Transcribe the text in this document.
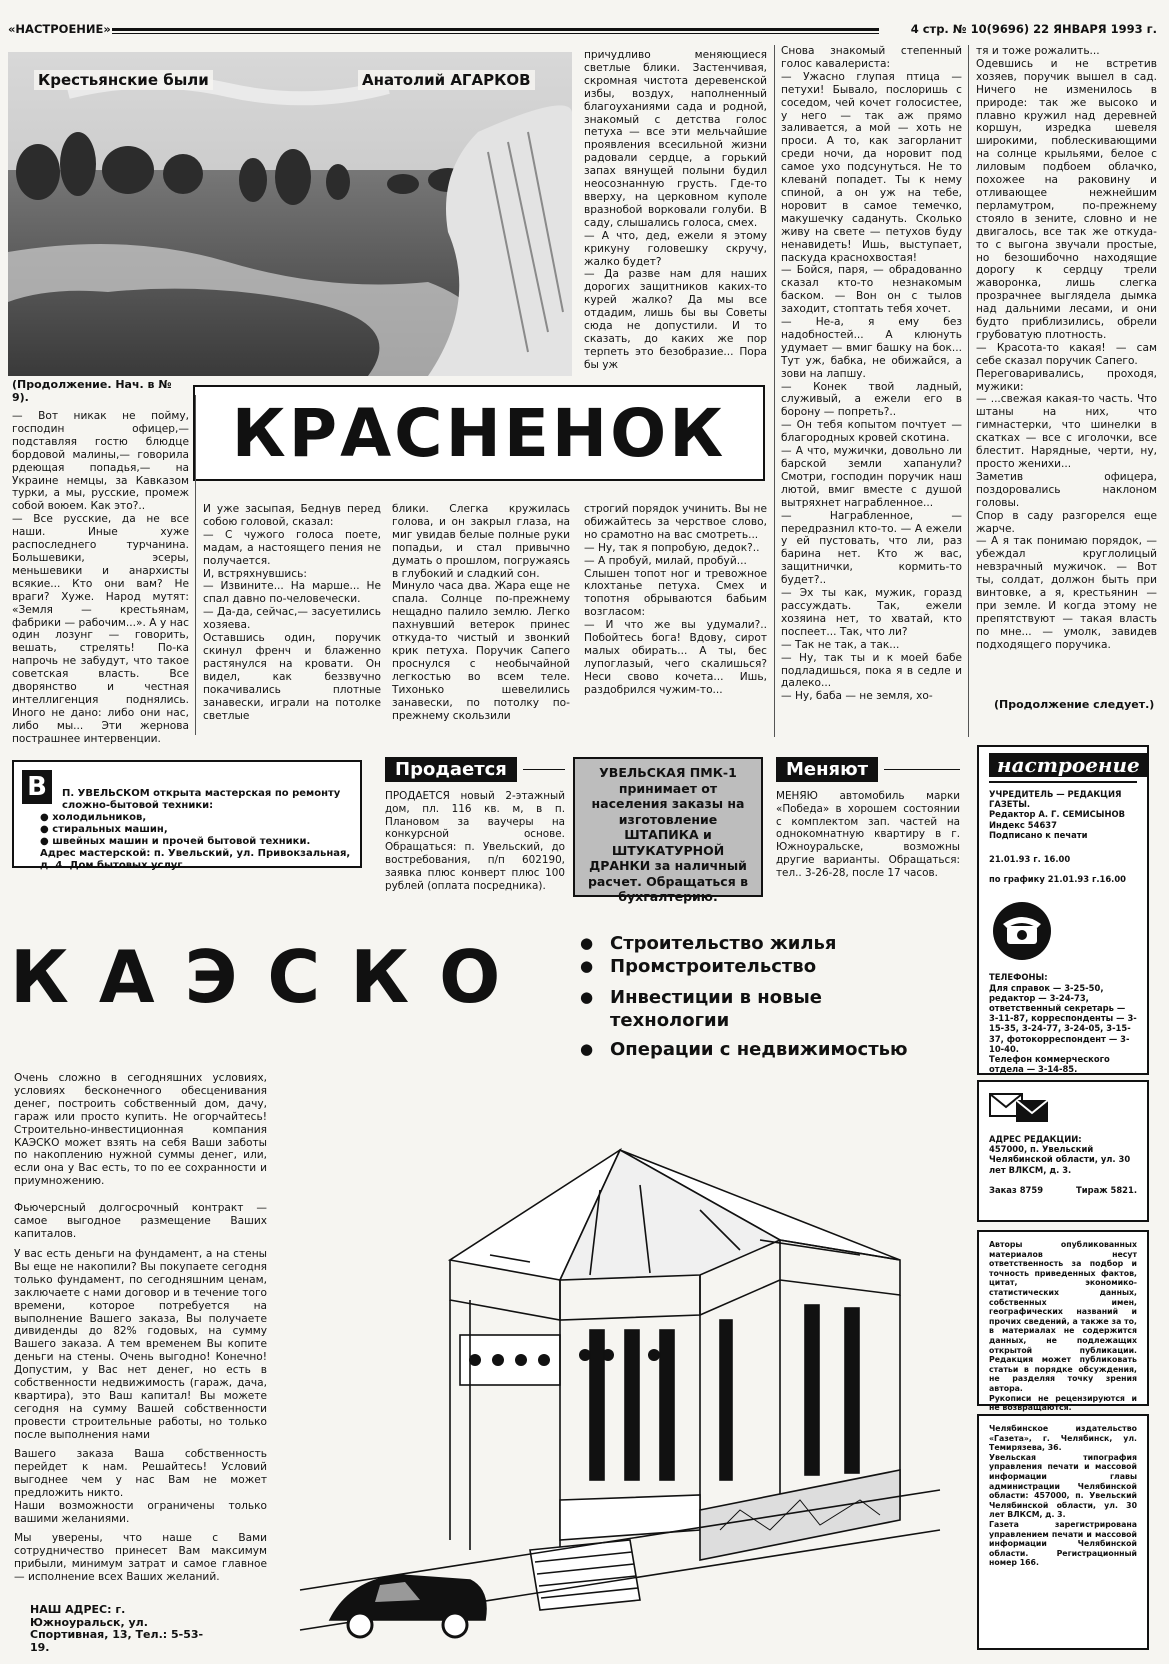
«НАСТРОЕНИЕ»	4 стр. № 10(9696) 22 ЯНВАРЯ 1993 г.
Крестьянские были	Анатолий АГАРКОВ
КРАСНЕНОК
(Продолжение. Нач. в № 9).
— Вот никак не пойму, господин офицер,— подставляя гостю блюдце бордовой малины,— говорила рдеющая попадья,— на Украине немцы, за Кавказом турки, а мы, русские, промеж собой воюем. Как это?..
— Все русские, да не все наши. Иные хуже распоследнего турчанина. Большевики, эсеры, меньшевики и анархисты всякие... Кто они вам? Не враги? Хуже. Народ мутят: «Земля — крестьянам, фабрики — рабочим...». А у нас один лозунг — говорить, вешать, стрелять! По-ка напрочь не забудут, что такое советская власть. Все дворянство и честная интеллигенция поднялись. Иного не дано: либо они нас, либо мы... Эти жернова пострашнее интервенции.
И уже засыпая, Беднув перед собою головой, сказал:
— С чужого голоса поете, мадам, а настоящего пения не получается.
И, встряхнувшись:
— Извините... На марше... Не спал давно по-человечески.
— Да-да, сейчас,— засуетились хозяева.
Оставшись один, поручик скинул френч и блаженно растянулся на кровати. Он видел, как беззвучно покачивались плотные занавески, играли на потолке светлые
блики. Слегка кружилась голова, и он закрыл глаза, на миг увидав белые полные руки попадьи, и стал привычно думать о прошлом, погружаясь в глубокий и сладкий сон.
Минуло часа два. Жара еще не спала. Солнце по-прежнему нещадно палило землю. Легко пахнувший ветерок принес откуда-то чистый и звонкий крик петуха. Поручик Сапего проснулся с необычайной легкостью во всем теле. Тихонько шевелились занавески, по потолку по-прежнему скользили
причудливо меняющиеся светлые блики. Застенчивая, скромная чистота деревенской избы, воздух, наполненный благоуханиями сада и родной, знакомый с детства голос петуха — все эти мельчайшие проявления всесильной жизни радовали сердце, а горький запах вянущей полыни будил неосознанную грусть. Где-то вверху, на церковном куполе вразнобой ворковали голуби. В саду, слышались голоса, смех.
— А что, дед, ежели я этому крикуну головешку скручу, жалко будет?
— Да разве нам для наших дорогих защитников каких-то курей жалко? Да мы все отдадим, лишь бы вы Советы сюда не допустили. И то сказать, до каких же пор терпеть это безобразие... Пора бы уж
строгий порядок учинить. Вы не обижайтесь за черствое слово, но срамотно на вас смотреть...
— Ну, так я попробую, дедок?..
— А пробуй, милай, пробуй...
Слышен топот ног и тревожное клохтанье петуха. Смех и топотня обрываются бабьим возгласом:
— И что же вы удумали?.. Побойтесь бога! Вдову, сирот малых обирать... А ты, бес лупоглазый, чего скалишься? Неси свово кочета... Ишь, раздобрился чужим-то...
Снова знакомый степенный голос кавалериста:
— Ужасно глупая птица — петухи! Бывало, послоришь с соседом, чей кочет голосистее, у него — так аж прямо заливается, а мой — хоть не проси. А то, как загорланит среди ночи, да норовит под самое ухо подсунуться. Не то клеванй попадет. Ты к нему спиной, а он уж на тебе, норовит в самое темечко, макушечку садануть. Сколько живу на свете — петухов буду ненавидеть! Ишь, выступает, паскуда краснохвостая!
— Бойся, паря, — обрадованно сказал кто-то незнакомым баском. — Вон он с тылов заходит, стоптать тебя хочет.
— Не-а, я ему без надобностей... А клюнуть удумает — вмиг башку на бок... Тут уж, бабка, не обижайся, а зови на лапшу.
— Конек твой ладный, служивый, а ежели его в борону — попреть?..
— Он тебя копытом почтует — благородных кровей скотина.
— А что, мужички, довольно ли барской земли хапанули? Смотри, господин поручик наш лютой, вмиг вместе с душой вытряхнет награбленное...
— Награбленное, — передразнил кто-то. — А ежели у ей пустовать, что ли, раз барина нет. Кто ж вас, защитнички, кормить-то будет?..
— Эх ты как, мужик, горазд рассуждать. Так, ежели хозяина нет, то хватай, кто поспеет... Так, что ли?
— Так не так, а так...
— Ну, так ты и к моей бабе подладишься, пока я в седле и далеко...
— Ну, баба — не земля, хо-
тя и тоже рожалить...
Одевшись и не встретив хозяев, поручик вышел в сад. Ничего не изменилось в природе: так же высоко и плавно кружил над деревней коршун, изредка шевеля широкими, поблескивающими на солнце крыльями, белое с лиловым подбоем облачко, похожее на раковину и отливающее нежнейшим перламутром, по-прежнему стояло в зените, словно и не двигалось, все так же откуда-то с выгона звучали простые, но безошибочно находящие дорогу к сердцу трели жаворонка, лишь слегка прозрачнее выглядела дымка над дальними лесами, и они будто приблизились, обрели грубоватую плотность.
— Красота-то какая! — сам себе сказал поручик Сапего.
Переговаривались, проходя, мужики:
— ...свежая какая-то часть. Что штаны на них, что гимнастерки, что шинелки в скатках — все с иголочки, все блестит. Нарядные, черти, ну, просто женихи...
Заметив офицера, поздоровались наклоном головы.
Спор в саду разгорелся еще жарче.
— А я так понимаю порядок, — убеждал круглолицый невзрачный мужичок. — Вот ты, солдат, должон быть при винтовке, а я, крестьянин — при земле. И когда этому не препятствуют — такая власть по мне... — умолк, завидев подходящего поручика.
(Продолжение следует.)
В	П. УВЕЛЬСКОМ открыта мастерская по ремонту сложно-бытовой техники:
● холодильников,
● стиральных машин,
● швейных машин и прочей бытовой техники.
Адрес мастерской: п. Увельский, ул. Привокзальная, д. 4. Дом бытовых услуг.
Продается
ПРОДАЕТСЯ новый 2-этажный дом, пл. 116 кв. м, в п. Плановом за ваучеры на конкурсной основе. Обращаться: п. Увельский, до востребования, п/п 602190, заявка плюс конверт плюс 100 рублей (оплата посредника).
УВЕЛЬСКАЯ ПМК-1 принимает от населения заказы на изготовление ШТАПИКА и ШТУКАТУРНОЙ ДРАНКИ за наличный расчет. Обращаться в бухгалтерию.
Меняют
МЕНЯЮ автомобиль марки «Победа» в хорошем состоянии с комплектом зап. частей на однокомнатную квартиру в г. Южноуральске, возможны другие варианты. Обращаться: тел.. 3-26-28, после 17 часов.
КАЭСКО
●	Строительство жилья
● Промстроительство
● Инвестиции в новые технологии
● Операции с недвижимостью
Очень сложно в сегодняшних условиях, условиях бесконечного обесценивания денег, построить собственный дом, дачу, гараж или просто купить. Не огорчайтесь! Строительно-инвестиционная компания КАЭСКО может взять на себя Ваши заботы по накоплению нужной суммы денег, или, если она у Вас есть, то по ее сохранности и приумножению.
Фьючерсный долгосрочный контракт — самое выгодное размещение Ваших капиталов.
У вас есть деньги на фундамент, а на стены Вы еще не накопили? Вы покупаете сегодня только фундамент, по сегодняшним ценам, заключаете с нами договор и в течение того времени, которое потребуется на выполнение Вашего заказа, Вы получаете дивиденды до 82% годовых, на сумму Вашего заказа. А тем временем Вы копите деньги на стены. Очень выгодно! Конечно! Допустим, у Вас нет денег, но есть в собственности недвижимость (гараж, дача, квартира), это Ваш капитал! Вы можете сегодня на сумму Вашей собственности провести строительные работы, но только после выполнения нами
Вашего заказа Ваша собственность перейдет к нам. Решайтесь! Условий выгоднее чем у нас Вам не может предложить никто.
Наши возможности ограничены только вашими желаниями.
Мы уверены, что наше с Вами сотрудничество принесет Вам максимум прибыли, минимум затрат и самое главное — исполнение всех Ваших желаний.
НАШ АДРЕС: г. Южноуральск, ул. Спортивная, 13, Тел.: 5-53-19.
настроение
УЧРЕДИТЕЛЬ — РЕДАКЦИЯ ГАЗЕТЫ.
Редактор А. Г. СЕМИСЫНОВ
Индекс 54637
Подписано к печати
21.01.93 г. 16.00
по графику 21.01.93 г.16.00
ТЕЛЕФОНЫ:
Для справок — 3-25-50, редактор — 3-24-73, ответственный секретарь — 3-11-87, корреспонденты — 3-15-35, 3-24-77, 3-24-05, 3-15-37, фотокорреспондент — 3-10-40.
Телефон коммерческого отдела — 3-14-85.
АДРЕС РЕДАКЦИИ:
457000, п. Увельский Челябинской области, ул. 30 лет ВЛКСМ, д. 3.
Заказ 8759	Тираж 5821.
Авторы опубликованных материалов несут ответственность за подбор и точность приведенных фактов, цитат, экономико-статистических данных, собственных имен, географических названий и прочих сведений, а также за то, в материалах не содержится данных, не подлежащих открытой публикации. Редакция может публиковать статьи в порядке обсуждения, не разделяя точку зрения автора.
Рукописи не рецензируются и не возвращаются.
Челябинское издательство «Газета», г. Челябинск, ул. Темирязева, 36.
Увельская типография управления печати и массовой информации главы администрации Челябинской области: 457000, п. Увельский Челябинской области, ул. 30 лет ВЛКСМ, д. 3.
Газета зарегистрирована управлением печати и массовой информации Челябинской области. Регистрационный номер 166.
